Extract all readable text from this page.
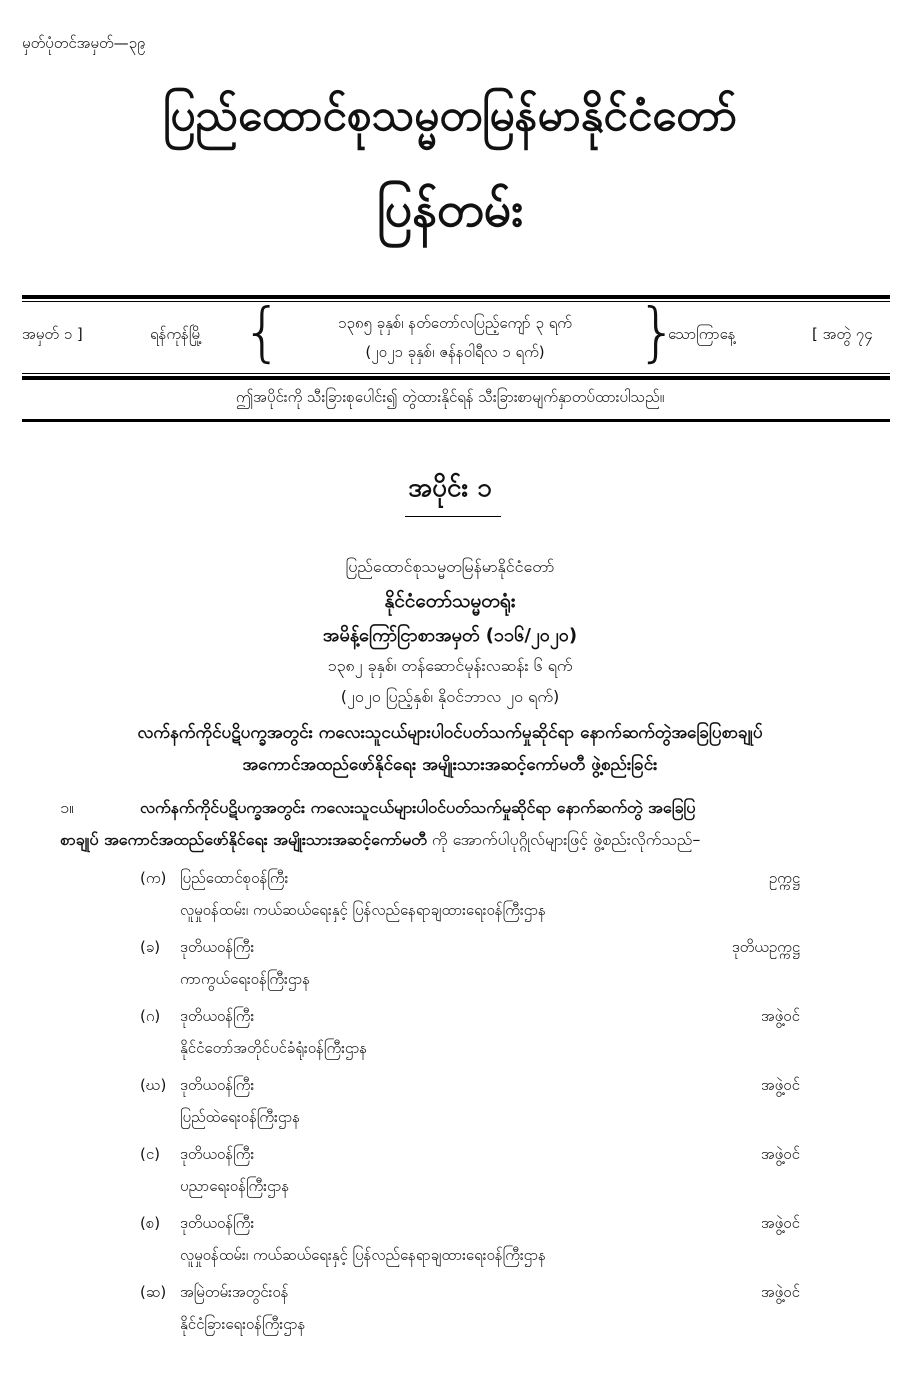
မှတ်ပုံတင်အမှတ်—၃၉
ပြည်ထောင်စုသမ္မတမြန်မာနိုင်ငံတော်
ပြန်တမ်း
အမှတ် ၁ ]	ရန်ကုန်မြို့ {	၁၃၈၅ ခုနှစ်၊ နတ်တော်လပြည့်ကျော် ၃ ရက်
(၂၀၂၁ ခုနှစ်၊ ဇန်နဝါရီလ ၁ ရက်)	}
သောကြာနေ့	[ အတွဲ ၇၄
ဤအပိုင်းကို သီးခြားစုပေါင်း၍ တွဲထားနိုင်ရန် သီးခြားစာမျက်နှာတပ်ထားပါသည်။
အပိုင်း ၁
ပြည်ထောင်စုသမ္မတမြန်မာနိုင်ငံတော်
နိုင်ငံတော်သမ္မတရုံး
အမိန့်ကြော်ငြာစာအမှတ် (၁၁၆/၂၀၂၀)
၁၃၈၂ ခုနှစ်၊ တန်ဆောင်မုန်းလဆန်း ၆ ရက်
(၂၀၂၀ ပြည့်နှစ်၊ နိုဝင်ဘာလ ၂၀ ရက်)
လက်နက်ကိုင်ပဋိပက္ခအတွင်း ကလေးသူငယ်များပါဝင်ပတ်သက်မှုဆိုင်ရာ နောက်ဆက်တွဲအခြေပြစာချုပ်
အကောင်အထည်ဖော်နိုင်ရေး အမျိုးသားအဆင့်ကော်မတီ ဖွဲ့စည်းခြင်း
၁။	လက်နက်ကိုင်ပဋိပက္ခအတွင်း ကလေးသူငယ်များပါဝင်ပတ်သက်မှုဆိုင်ရာ နောက်ဆက်တွဲ အခြေပြ
စာချုပ် အကောင်အထည်ဖော်နိုင်ရေး အမျိုးသားအဆင့်ကော်မတီ ကို အောက်ပါပုဂ္ဂိုလ်များဖြင့် ဖွဲ့စည်းလိုက်သည်–
(က) ပြည်ထောင်စုဝန်ကြီး	ဥက္ကဋ္ဌ
လူမှုဝန်ထမ်း၊ ကယ်ဆယ်ရေးနှင့် ပြန်လည်နေရာချထားရေးဝန်ကြီးဌာန
(ခ) ဒုတိယဝန်ကြီး	ဒုတိယဥက္ကဋ္ဌ
ကာကွယ်ရေးဝန်ကြီးဌာန
(ဂ) ဒုတိယဝန်ကြီး	အဖွဲ့ဝင်
နိုင်ငံတော်အတိုင်ပင်ခံရုံးဝန်ကြီးဌာန
(ဃ) ဒုတိယဝန်ကြီး	အဖွဲ့ဝင်
ပြည်ထဲရေးဝန်ကြီးဌာန
(င) ဒုတိယဝန်ကြီး	အဖွဲ့ဝင်
ပညာရေးဝန်ကြီးဌာန
(စ) ဒုတိယဝန်ကြီး	အဖွဲ့ဝင်
လူမှုဝန်ထမ်း၊ ကယ်ဆယ်ရေးနှင့် ပြန်လည်နေရာချထားရေးဝန်ကြီးဌာန
(ဆ) အမြဲတမ်းအတွင်းဝန်	အဖွဲ့ဝင်
နိုင်ငံခြားရေးဝန်ကြီးဌာန
